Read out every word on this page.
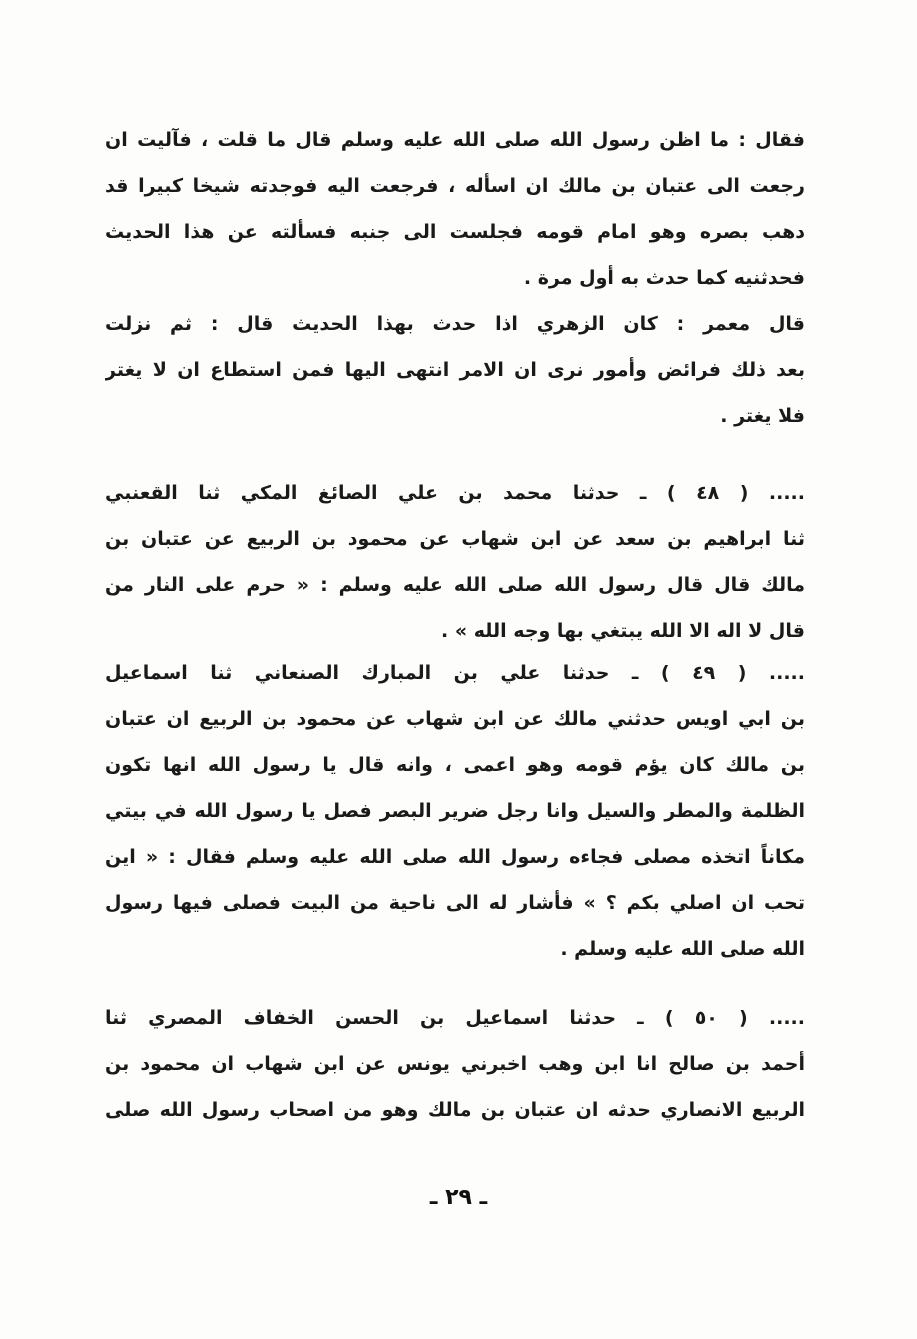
فقال : ما اظن رسول الله صلى الله عليه وسلم قال ما قلت ، فآليت ان
رجعت الى عتبان بن مالك ان اسأله ، فرجعت اليه فوجدته شيخا كبيرا قد
دهب بصره وهو امام قومه فجلست الى جنبه فسألته عن هذا الحديث
فحدثنيه كما حدث به أول مرة .
قال معمر : كان الزهري اذا حدث بهذا الحديث قال : ثم نزلت
بعد ذلك فرائض وأمور نرى ان الامر انتهى اليها فمن استطاع ان لا يغتر
فلا يغتر .
..... ( ٤٨ ) ـ حدثنا محمد بن علي الصائغ المكي ثنا القعنبي
ثنا ابراهيم بن سعد عن ابن شهاب عن محمود بن الربيع عن عتبان بن
مالك قال قال رسول الله صلى الله عليه وسلم : « حرم على النار من
قال لا اله الا الله يبتغي بها وجه الله » .
..... ( ٤٩ ) ـ حدثنا علي بن المبارك الصنعاني ثنا اسماعيل
بن ابي اويس حدثني مالك عن ابن شهاب عن محمود بن الربيع ان عتبان
بن مالك كان يؤم قومه وهو اعمى ، وانه قال يا رسول الله انها تكون
الظلمة والمطر والسيل وانا رجل ضرير البصر فصل يا رسول الله في بيتي
مكاناً اتخذه مصلى فجاءه رسول الله صلى الله عليه وسلم فقال : « اين
تحب ان اصلي بكم ؟ » فأشار له الى ناحية من البيت فصلى فيها رسول
الله صلى الله عليه وسلم .
..... ( ٥٠ ) ـ حدثنا اسماعيل بن الحسن الخفاف المصري ثنا
أحمد بن صالح انا ابن وهب اخبرني يونس عن ابن شهاب ان محمود بن
الربيع الانصاري حدثه ان عتبان بن مالك وهو من اصحاب رسول الله صلى
ـ ٢٩ ـ
